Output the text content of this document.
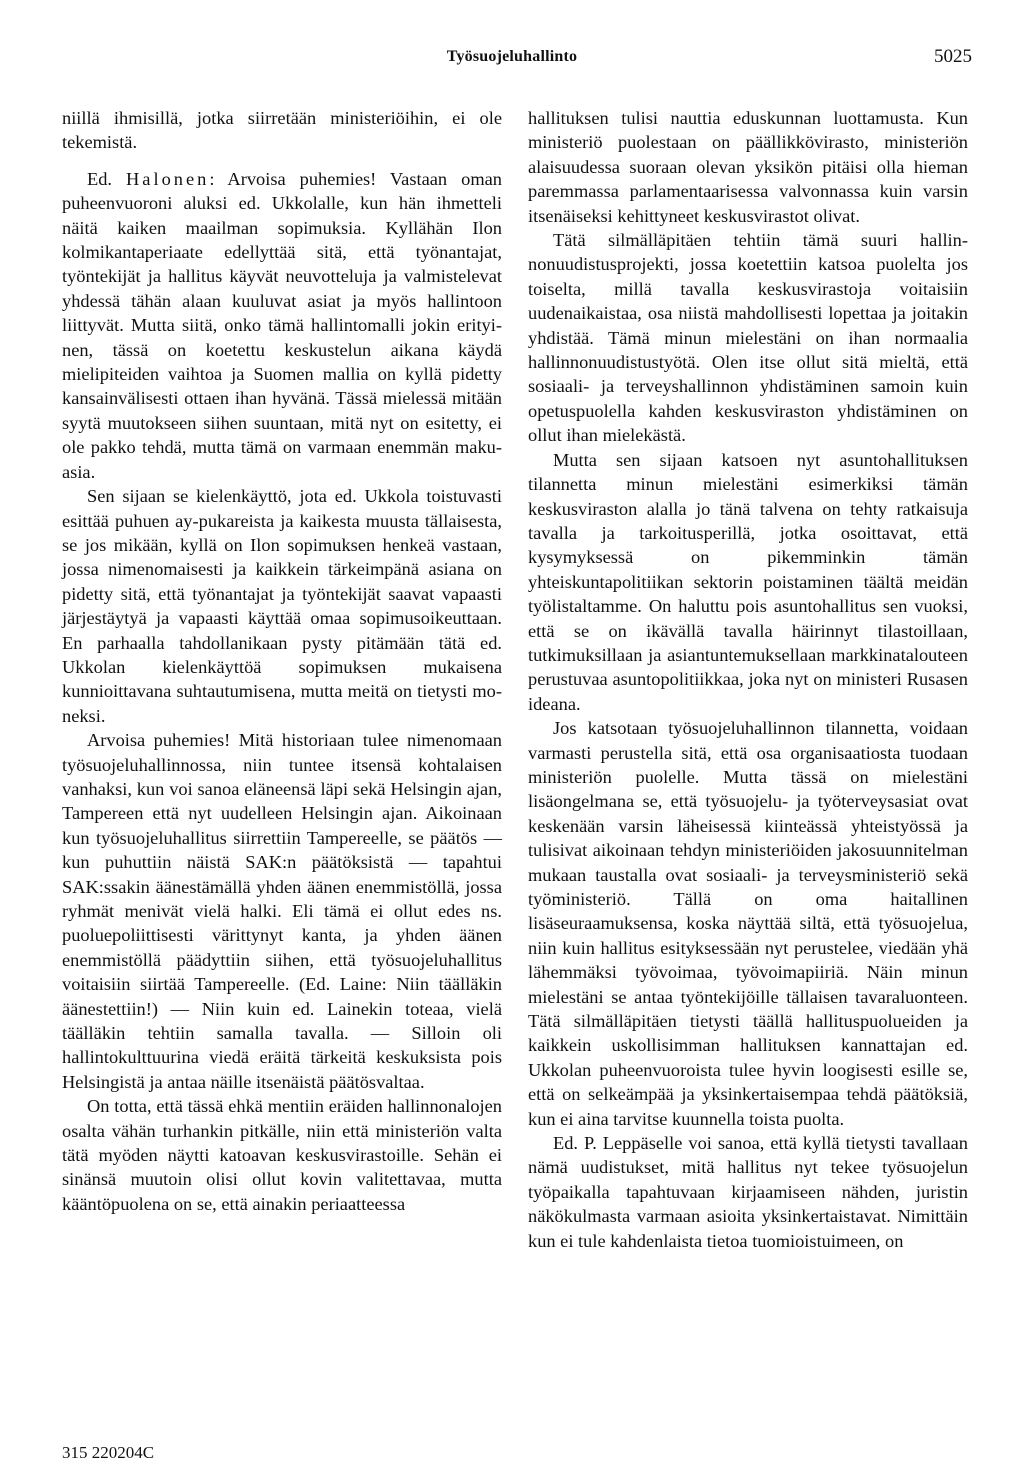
Työsuojeluhallinto	5025

niillä ihmisillä, jotka siirretään ministeriöihin, ei ole tekemistä.

Ed. Halonen: Arvoisa puhemies! Vastaan oman puheenvuoroni aluksi ed. Ukkolalle, kun hän ihmetteli näitä kaiken maailman sopimuksia. Kyllähän Ilon kolmikantaperiaate edellyttää sitä, että työnantajat, työntekijät ja hallitus käyvät neuvotteluja ja valmistelevat yhdessä tähän alaan kuuluvat asiat ja myös hallintoon liittyvät. Mutta siitä, onko tämä hallintomalli jokin erityinen, tässä on koetettu keskustelun aikana käydä mielipiteiden vaihtoa ja Suomen mallia on kyllä pidetty kansainvälisesti ottaen ihan hyvänä. Tässä mielessä mitään syytä muutokseen siihen suuntaan, mitä nyt on esitetty, ei ole pakko tehdä, mutta tämä on varmaan enemmän makuasia.

Sen sijaan se kielenkäyttö, jota ed. Ukkola toistuvasti esittää puhuen ay-pukareista ja kaikesta muusta tällaisesta, se jos mikään, kyllä on Ilon sopimuksen henkeä vastaan, jossa nimenomaisesti ja kaikkein tärkeimpänä asiana on pidetty sitä, että työnantajat ja työntekijät saavat vapaasti järjestäytyä ja vapaasti käyttää omaa sopimusoikeuttaan. En parhaalla tahdollanikaan pysty pitämään tätä ed. Ukkolan kielenkäyttöä sopimuksen mukaisena kunnioittavana suhtautumisena, mutta meitä on tietysti moneksi.

Arvoisa puhemies! Mitä historiaan tulee nimenomaan työsuojeluhallinnossa, niin tuntee itsensä kohtalaisen vanhaksi, kun voi sanoa eläneensä läpi sekä Helsingin ajan, Tampereen että nyt uudelleen Helsingin ajan. Aikoinaan kun työsuojeluhallitus siirrettiin Tampereelle, se päätös — kun puhuttiin näistä SAK:n päätöksistä — tapahtui SAK:ssakin äänestämällä yhden äänen enemmistöllä, jossa ryhmät menivät vielä halki. Eli tämä ei ollut edes ns. puoluepoliittisesti värittynyt kanta, ja yhden äänen enemmistöllä päädyttiin siihen, että työsuojeluhallitus voitaisiin siirtää Tampereelle. (Ed. Laine: Niin täälläkin äänestettiin!) — Niin kuin ed. Lainekin toteaa, vielä täälläkin tehtiin samalla tavalla. — Silloin oli hallintokulttuurina viedä eräitä tärkeitä keskuksista pois Helsingistä ja antaa näille itsenäistä päätösvaltaa.

On totta, että tässä ehkä mentiin eräiden hallinnonalojen osalta vähän turhankin pitkälle, niin että ministeriön valta tätä myöden näytti katoavan keskusvirastoille. Sehän ei sinänsä muutoin olisi ollut kovin valitettavaa, mutta kääntöpuolena on se, että ainakin periaatteessa

hallituksen tulisi nauttia eduskunnan luottamusta. Kun ministeriö puolestaan on päällikkövirasto, ministeriön alaisuudessa suoraan olevan yksikön pitäisi olla hieman paremmassa parlamentaarisessa valvonnassa kuin varsin itsenäiseksi kehittyneet keskusvirastot olivat.

Tätä silmälläpitäen tehtiin tämä suuri hallinnonuudistusprojekti, jossa koetettiin katsoa puolelta jos toiselta, millä tavalla keskusvirastoja voitaisiin uudenaikaistaa, osa niistä mahdollisesti lopettaa ja joitakin yhdistää. Tämä minun mielestäni on ihan normaalia hallinnonuudistustyötä. Olen itse ollut sitä mieltä, että sosiaali- ja terveyshallinnon yhdistäminen samoin kuin opetuspuolella kahden keskusviraston yhdistäminen on ollut ihan mielekästä.

Mutta sen sijaan katsoen nyt asuntohallituksen tilannetta minun mielestäni esimerkiksi tämän keskusviraston alalla jo tänä talvena on tehty ratkaisuja tavalla ja tarkoitusperillä, jotka osoittavat, että kysymyksessä on pikemminkin tämän yhteiskuntapolitiikan sektorin poistaminen täältä meidän työlistaltamme. On haluttu pois asuntohallitus sen vuoksi, että se on ikävällä tavalla häirinnyt tilastoillaan, tutkimuksillaan ja asiantuntemuksellaan markkinatalouteen perustuvaa asuntopolitiikkaa, joka nyt on ministeri Rusasen ideana.

Jos katsotaan työsuojeluhallinnon tilannetta, voidaan varmasti perustella sitä, että osa organisaatiosta tuodaan ministeriön puolelle. Mutta tässä on mielestäni lisäongelmana se, että työsuojelu- ja työterveysasiat ovat keskenään varsin läheisessä kiinteässä yhteistyössä ja tulisivat aikoinaan tehdyn ministeriöiden jakosuunnitelman mukaan taustalla ovat sosiaali- ja terveysministeriö sekä työministeriö. Tällä on oma haitallinen lisäseuraamuksensa, koska näyttää siltä, että työsuojelua, niin kuin hallitus esityksessään nyt perustelee, viedään yhä lähemmäksi työvoimaa, työvoimapiiriä. Näin minun mielestäni se antaa työntekijöille tällaisen tavaraluonteen. Tätä silmälläpitäen tietysti täällä hallituspuolueiden ja kaikkein uskollisimman hallituksen kannattajan ed. Ukkolan puheenvuoroista tulee hyvin loogisesti esille se, että on selkeämpää ja yksinkertaisempaa tehdä päätöksiä, kun ei aina tarvitse kuunnella toista puolta.

Ed. P. Leppäselle voi sanoa, että kyllä tietysti tavallaan nämä uudistukset, mitä hallitus nyt tekee työsuojelun työpaikalla tapahtuvaan kirjaamiseen nähden, juristin näkökulmasta varmaan asioita yksinkertaistavat. Nimittäin kun ei tule kahdenlaista tietoa tuomioistuimeen, on

315 220204C
